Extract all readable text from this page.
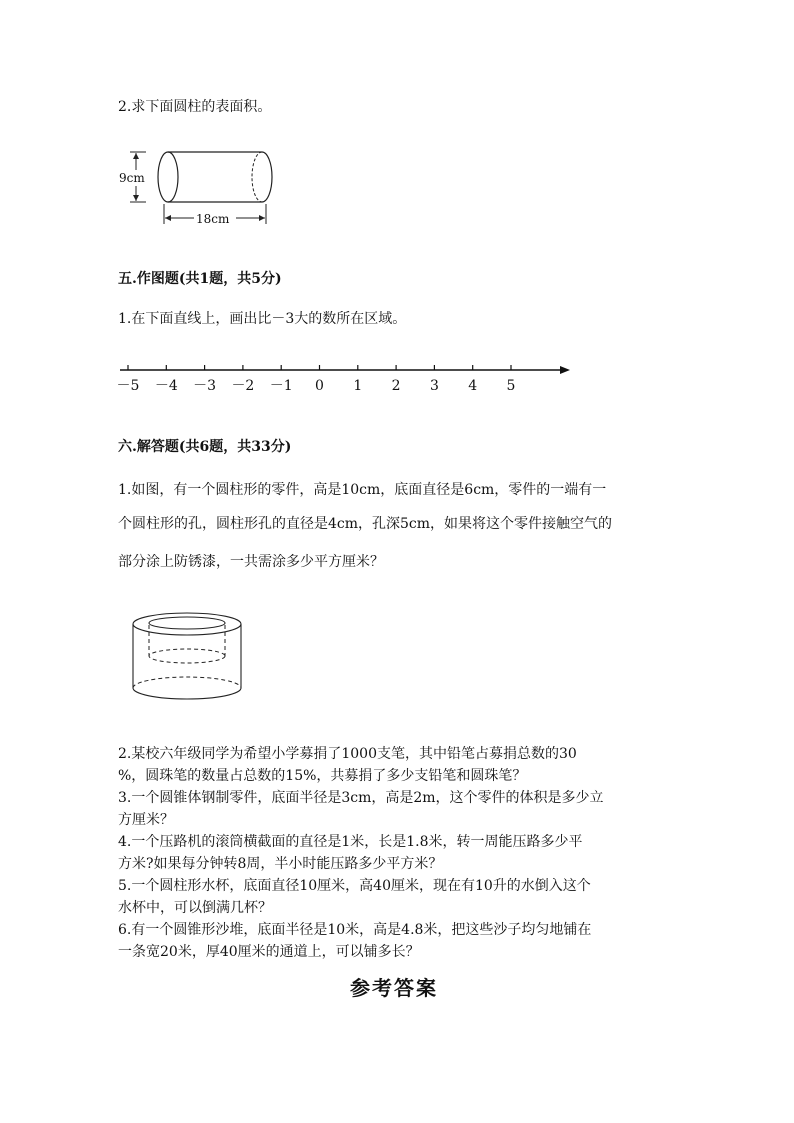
2.求下面圆柱的表面积。
9cm
18cm
五.作图题(共1题，共5分)
1.在下面直线上，画出比－3大的数所在区域。
－5 －4 －3 －2 －1 0 1 2 3 4 5
六.解答题(共6题，共33分)
1.如图，有一个圆柱形的零件，高是10cm，底面直径是6cm，零件的一端有一
个圆柱形的孔，圆柱形孔的直径是4cm，孔深5cm，如果将这个零件接触空气的
部分涂上防锈漆，一共需涂多少平方厘米？
2.某校六年级同学为希望小学募捐了1000支笔，其中铅笔占募捐总数的30
%，圆珠笔的数量占总数的15%，共募捐了多少支铅笔和圆珠笔？
3.一个圆锥体钢制零件，底面半径是3cm，高是2m，这个零件的体积是多少立
方厘米？
4.一个压路机的滚筒横截面的直径是1米，长是1.8米，转一周能压路多少平
方米?如果每分钟转8周，半小时能压路多少平方米？
5.一个圆柱形水杯，底面直径10厘米，高40厘米，现在有10升的水倒入这个
水杯中，可以倒满几杯？
6.有一个圆锥形沙堆，底面半径是10米，高是4.8米，把这些沙子均匀地铺在
一条宽20米，厚40厘米的通道上，可以铺多长？
参考答案
